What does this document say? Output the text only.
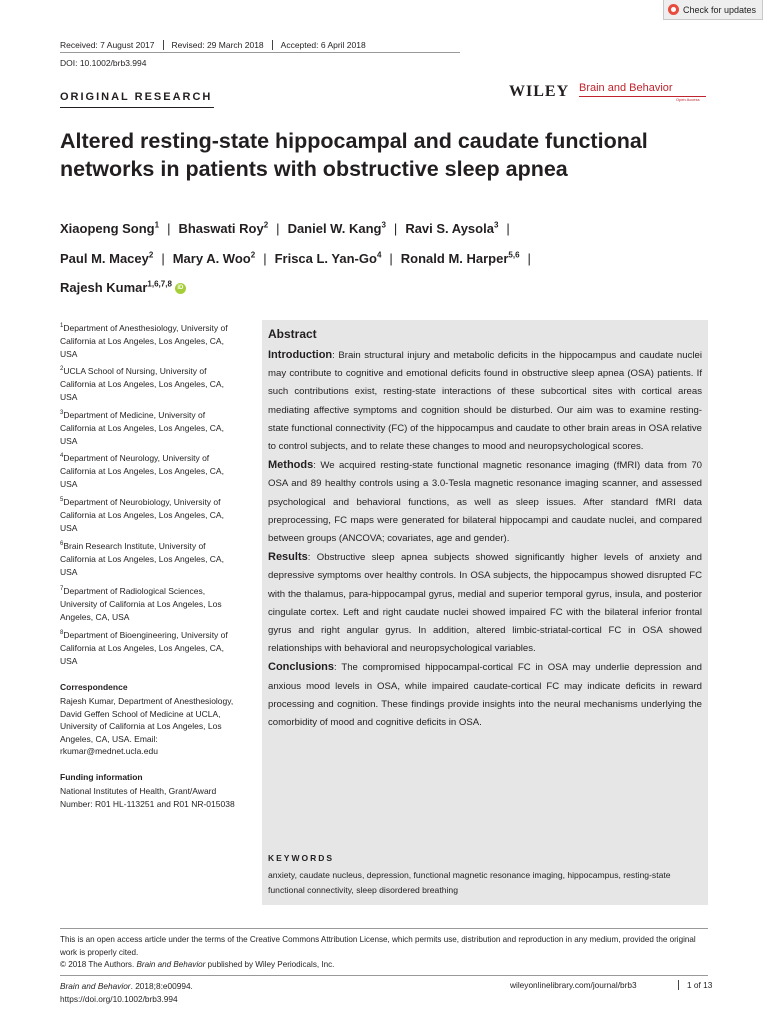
Check for updates
Received: 7 August 2017	Revised: 29 March 2018	Accepted: 6 April 2018
DOI: 10.1002/brb3.994
ORIGINAL RESEARCH	WILEY Brain and Behavior
Open Access
Altered resting-state hippocampal and caudate functional networks in patients with obstructive sleep apnea
Xiaopeng Song$^1$ | Bhaswati Roy$^2$ | Daniel W. Kang$^3$ | Ravi S. Aysola$^3$ |
Paul M. Macey$^2$ | Mary A. Woo$^2$ | Frisca L. Yan-Go$^4$ | Ronald M. Harper$^{5,6}$ |
Rajesh Kumar$^{1,6,7,8}$ iD
$^1$Department of Anesthesiology, University of California at Los Angeles, Los Angeles, CA, USA
$^2$UCLA School of Nursing, University of California at Los Angeles, Los Angeles, CA, USA
$^3$Department of Medicine, University of California at Los Angeles, Los Angeles, CA, USA
$^4$Department of Neurology, University of California at Los Angeles, Los Angeles, CA, USA
$^5$Department of Neurobiology, University of California at Los Angeles, Los Angeles, CA, USA
$^6$Brain Research Institute, University of California at Los Angeles, Los Angeles, CA, USA
$^7$Department of Radiological Sciences, University of California at Los Angeles, Los Angeles, CA, USA
$^8$Department of Bioengineering, University of California at Los Angeles, Los Angeles, CA, USA
Correspondence
Rajesh Kumar, Department of Anesthesiology, David Geffen School of Medicine at UCLA, University of California at Los Angeles, Los Angeles, CA, USA. Email: rkumar@mednet.ucla.edu
Funding information
National Institutes of Health, Grant/Award Number: R01 HL-113251 and R01 NR-015038
Abstract
Introduction: Brain structural injury and metabolic deficits in the hippocampus and caudate nuclei may contribute to cognitive and emotional deficits found in obstructive sleep apnea (OSA) patients. If such contributions exist, resting-state interactions of these subcortical sites with cortical areas mediating affective symptoms and cognition should be disturbed. Our aim was to examine resting-state functional connectivity (FC) of the hippocampus and caudate to other brain areas in OSA relative to control subjects, and to relate these changes to mood and neuropsychological scores.
Methods: We acquired resting-state functional magnetic resonance imaging (fMRI) data from 70 OSA and 89 healthy controls using a 3.0-Tesla magnetic resonance imaging scanner, and assessed psychological and behavioral functions, as well as sleep issues. After standard fMRI data preprocessing, FC maps were generated for bilateral hippocampi and caudate nuclei, and compared between groups (ANCOVA; covariates, age and gender).
Results: Obstructive sleep apnea subjects showed significantly higher levels of anxiety and depressive symptoms over healthy controls. In OSA subjects, the hippocampus showed disrupted FC with the thalamus, para-hippocampal gyrus, medial and superior temporal gyrus, insula, and posterior cingulate cortex. Left and right caudate nuclei showed impaired FC with the bilateral inferior frontal gyrus and right angular gyrus. In addition, altered limbic-striatal-cortical FC in OSA showed relationships with behavioral and neuropsychological variables.
Conclusions: The compromised hippocampal-cortical FC in OSA may underlie depression and anxious mood levels in OSA, while impaired caudate-cortical FC may indicate deficits in reward processing and cognition. These findings provide insights into the neural mechanisms underlying the comorbidity of mood and cognitive deficits in OSA.
KEYWORDS
anxiety, caudate nucleus, depression, functional magnetic resonance imaging, hippocampus, resting-state functional connectivity, sleep disordered breathing
This is an open access article under the terms of the Creative Commons Attribution License, which permits use, distribution and reproduction in any medium, provided the original work is properly cited.
© 2018 The Authors. Brain and Behavior published by Wiley Periodicals, Inc.
Brain and Behavior. 2018;8:e00994.
https://doi.org/10.1002/brb3.994
wileyonlinelibrary.com/journal/brb3	1 of 13
